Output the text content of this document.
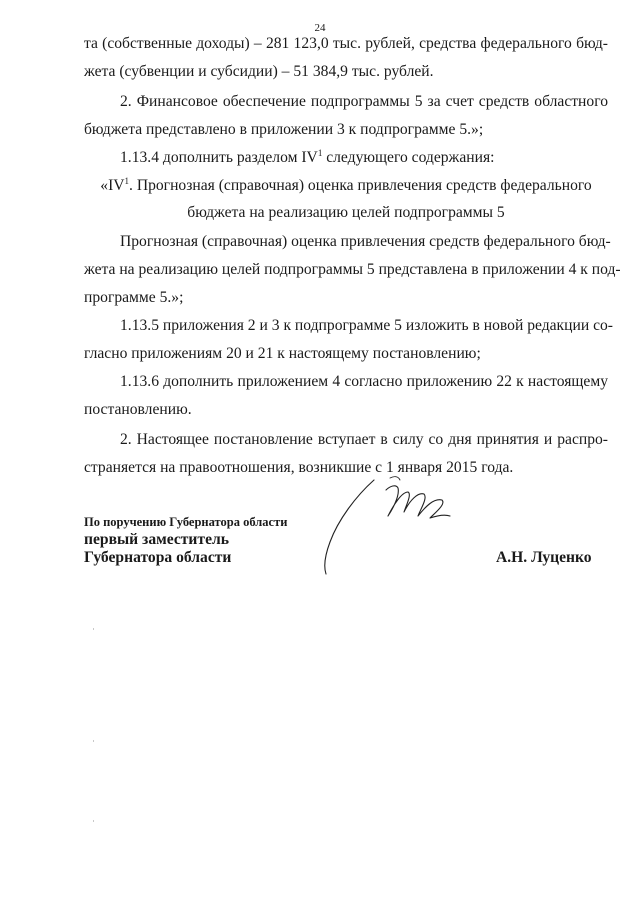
24
та (собственные доходы) – 281 123,0 тыс. рублей, средства федерального бюд-
жета (субвенции и субсидии) – 51 384,9 тыс. рублей.
2. Финансовое обеспечение подпрограммы 5 за счет средств областного
бюджета представлено в приложении 3 к подпрограмме 5.»;
1.13.4 дополнить разделом $IV^1$ следующего содержания:
«$IV^1$. Прогнозная (справочная) оценка привлечения средств федерального
бюджета на реализацию целей подпрограммы 5
Прогнозная (справочная) оценка привлечения средств федерального бюд-
жета на реализацию целей подпрограммы 5 представлена в приложении 4 к под-
программе 5.»;
1.13.5 приложения 2 и 3 к подпрограмме 5 изложить в новой редакции со-
гласно приложениям 20 и 21 к настоящему постановлению;
1.13.6 дополнить приложением 4 согласно приложению 22 к настоящему
постановлению.
2. Настоящее постановление вступает в силу со дня принятия и распро-
страняется на правоотношения, возникшие с 1 января 2015 года.
По поручению Губернатора области
первый заместитель
Губернатора области	А.Н. Луценко
